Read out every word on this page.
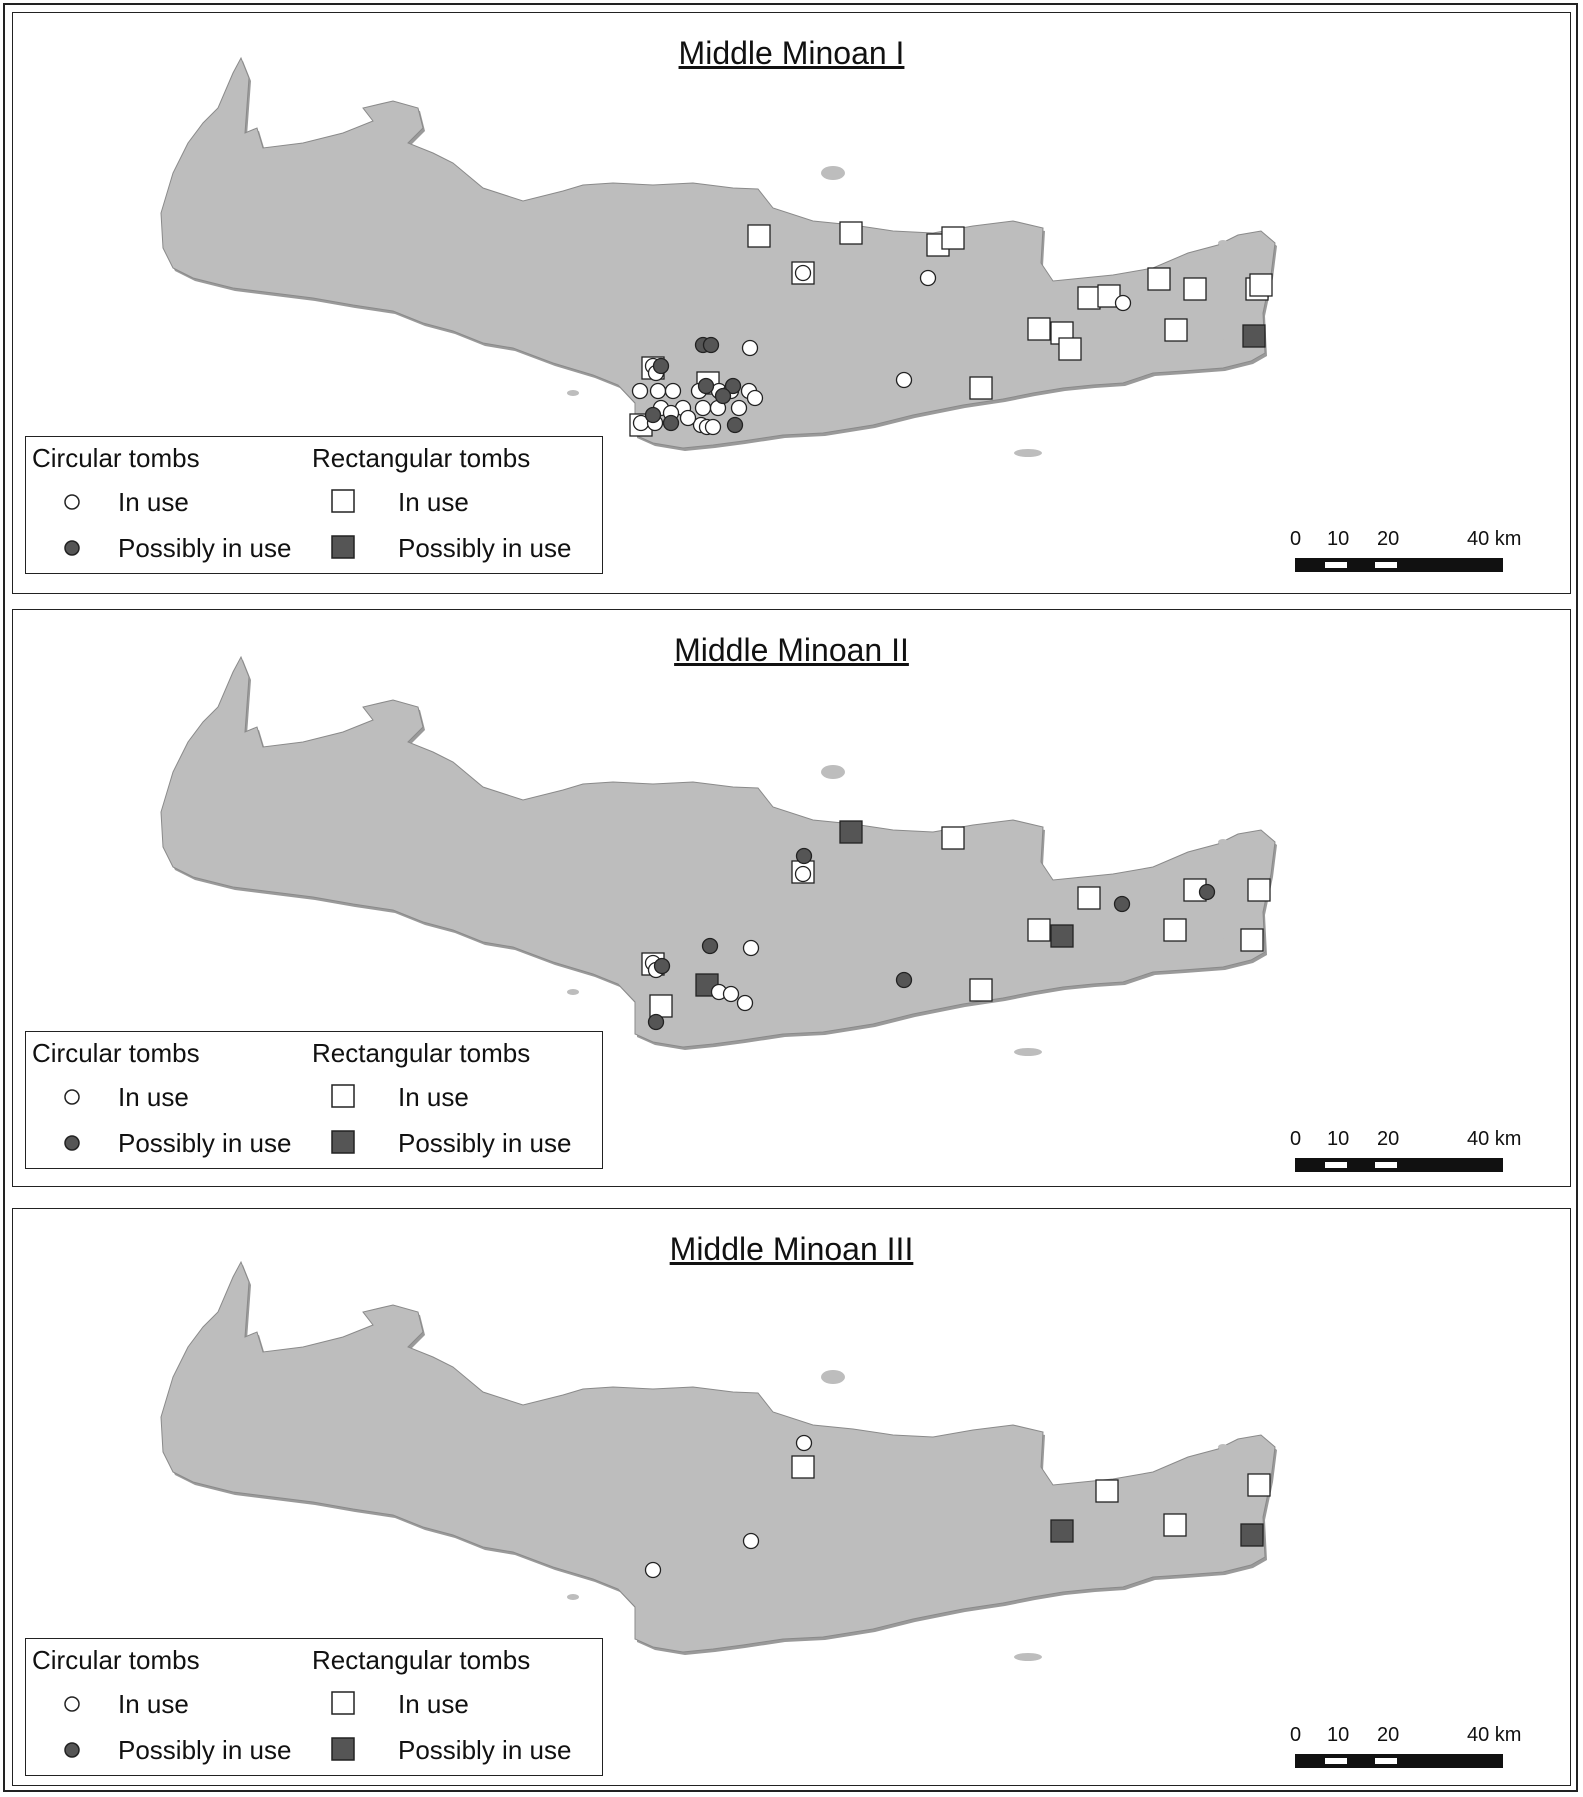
Middle Minoan I
Circular tombs	Rectangular tombs
In use
Possibly in use
In use
Possibly in use	0 10 20	40 km
Middle Minoan II
Circular tombs	Rectangular tombs
In use
Possibly in use
In use
Possibly in use	0 10 20	40 km
Middle Minoan III
Circular tombs	Rectangular tombs
In use
Possibly in use
In use
Possibly in use	0 10 20	40 km
